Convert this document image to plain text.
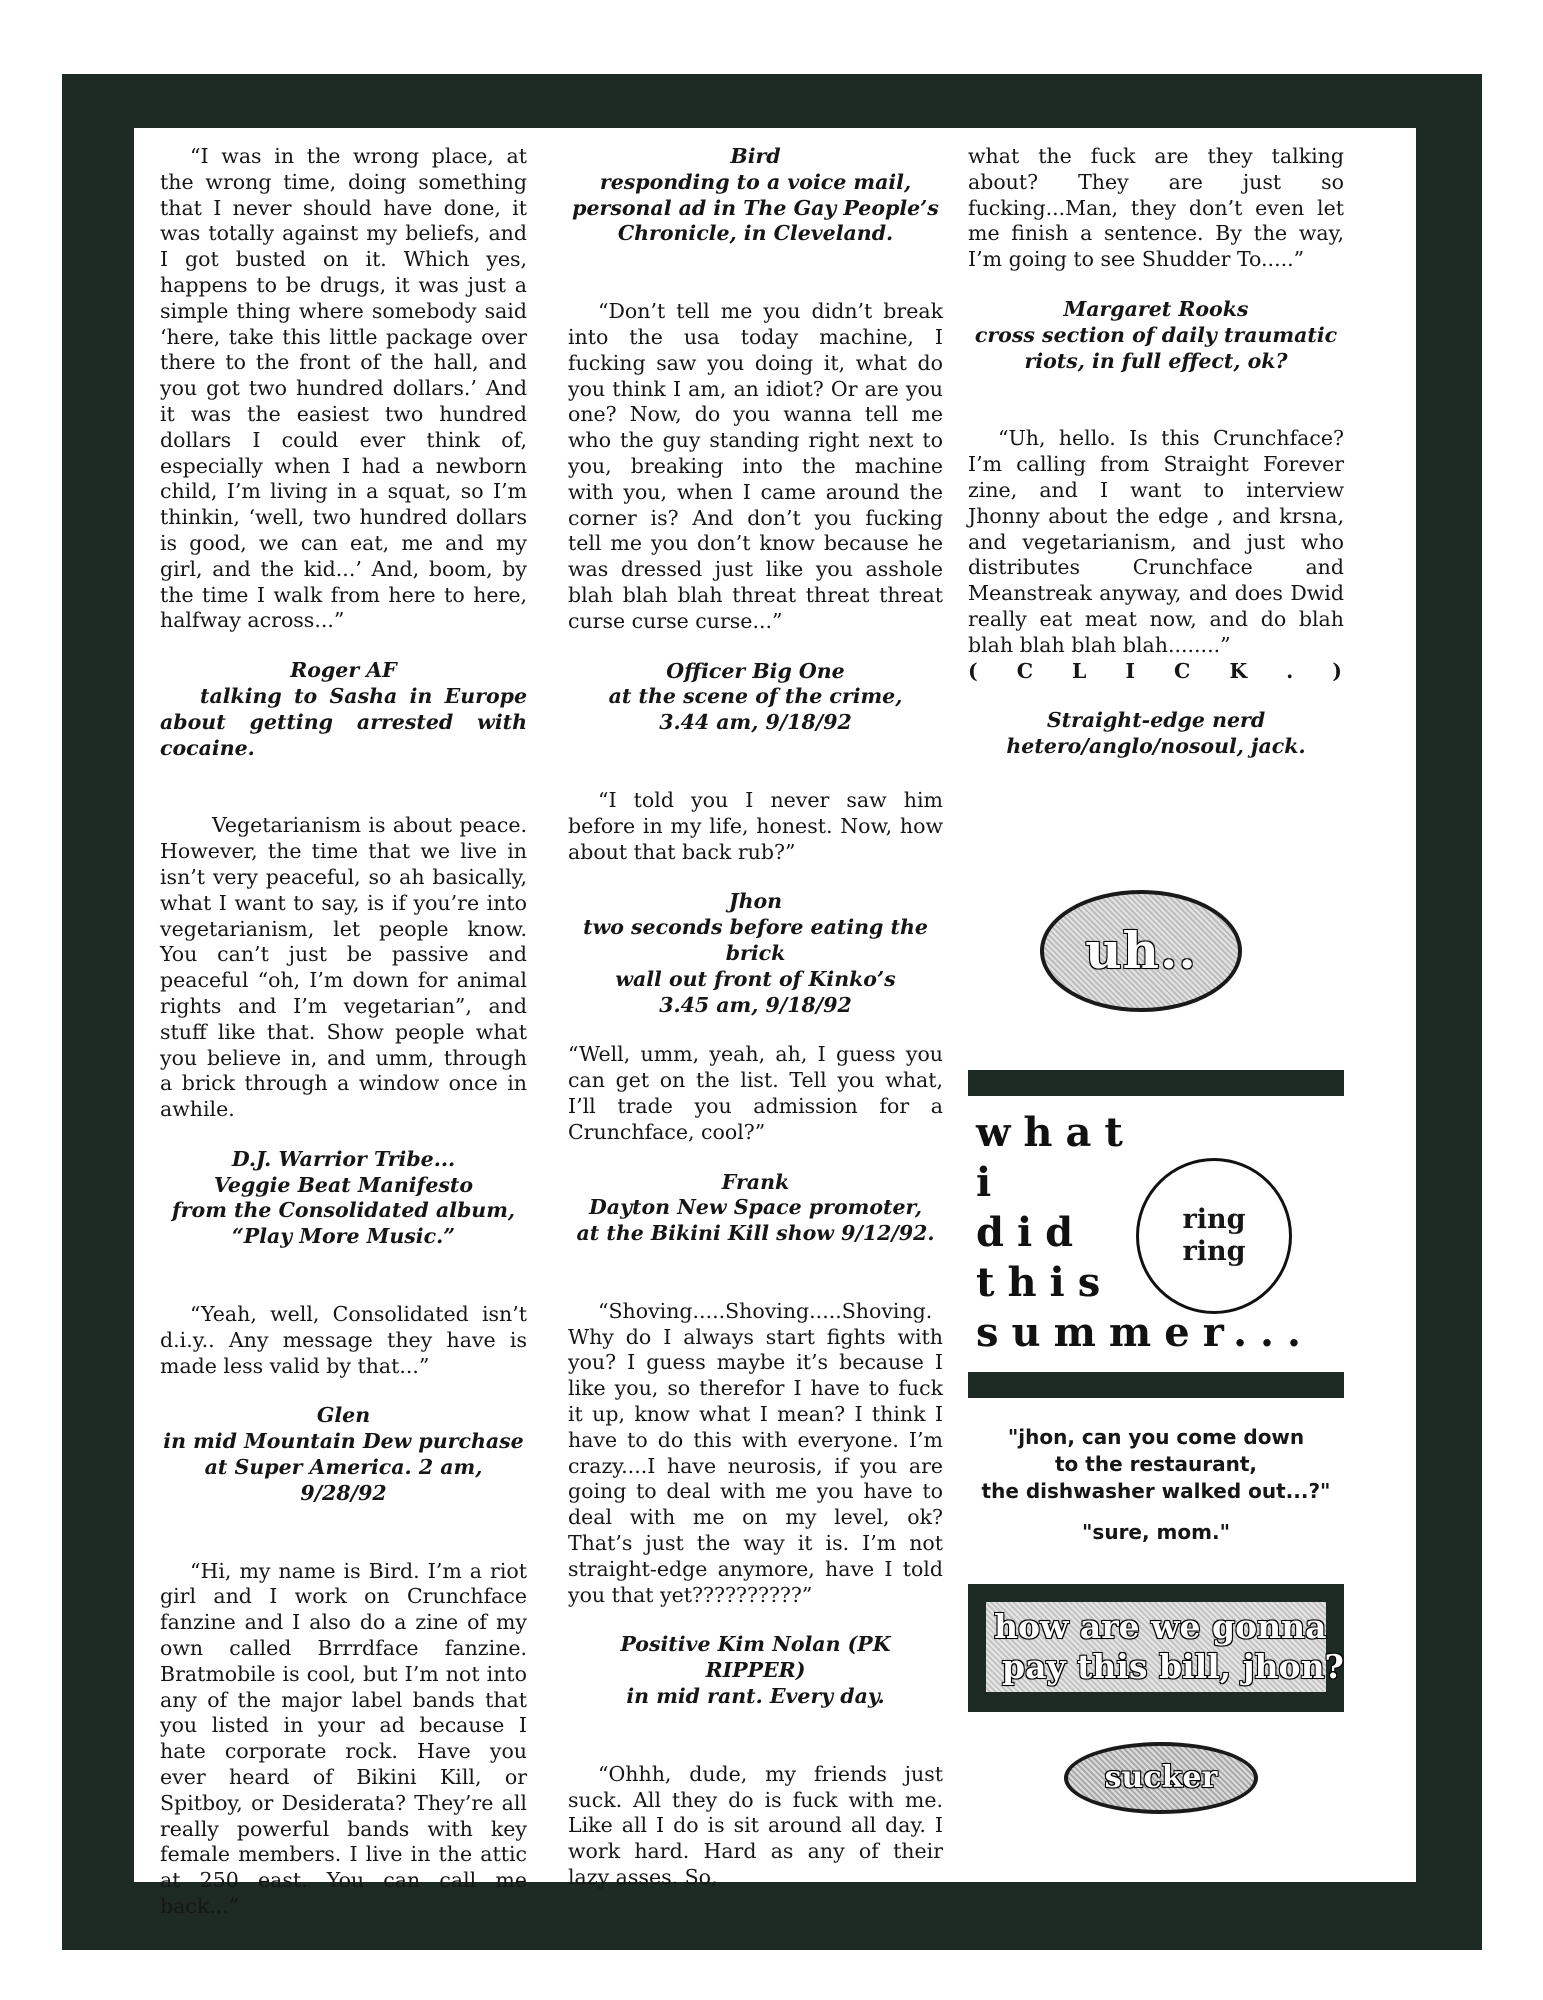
“I was in the wrong place, at the wrong time, doing something that I never should have done, it was totally against my beliefs, and I got busted on it. Which yes, happens to be drugs, it was just a simple thing where somebody said ‘here, take this little package over there to the front of the hall, and you got two hundred dollars.’ And it was the easiest two hundred dollars I could ever think of, especially when I had a newborn child, I’m living in a squat, so I’m thinkin, ‘well, two hundred dollars is good, we can eat, me and my girl, and the kid...’ And, boom, by the time I walk from here to here, halfway across...”

Roger AF

talking to Sasha in Europe about getting arrested with cocaine.

Vegetarianism is about peace. However, the time that we live in isn’t very peaceful, so ah basically, what I want to say, is if you’re into vegetarianism, let people know. You can’t just be passive and peaceful “oh, I’m down for animal rights and I’m vegetarian”, and stuff like that. Show people what you believe in, and umm, through a brick through a window once in awhile.

D.J. Warrior Tribe...

Veggie Beat Manifesto

from the Consolidated album,

“Play More Music.”

“Yeah, well, Consolidated isn’t d.i.y.. Any message they have is made less valid by that...”

Glen

in mid Mountain Dew purchase

at Super America. 2 am, 9/28/92

“Hi, my name is Bird. I’m a riot girl and I work on Crunchface fanzine and I also do a zine of my own called Brrrdface fanzine. Bratmobile is cool, but I’m not into any of the major label bands that you listed in your ad because I hate corporate rock. Have you ever heard of Bikini Kill, or Spitboy, or Desiderata? They’re all really powerful bands with key female members. I live in the attic at 250 east. You can call me back...”

Bird

responding to a voice mail,

personal ad in The Gay People’s

Chronicle, in Cleveland.

“Don’t tell me you didn’t break into the usa today machine, I fucking saw you doing it, what do you think I am, an idiot? Or are you one? Now, do you wanna tell me who the guy standing right next to you, breaking into the machine with you, when I came around the corner is? And don’t you fucking tell me you don’t know because he was dressed just like you asshole blah blah blah threat threat threat curse curse curse...”

Officer Big One

at the scene of the crime,

3.44 am, 9/18/92

“I told you I never saw him before in my life, honest. Now, how about that back rub?”

Jhon

two seconds before eating the brick

wall out front of Kinko’s

3.45 am, 9/18/92

“Well, umm, yeah, ah, I guess you can get on the list. Tell you what, I’ll trade you admission for a Crunchface, cool?”

Frank

Dayton New Space promoter,

at the Bikini Kill show 9/12/92.

“Shoving.....Shoving.....Shoving. Why do I always start fights with you? I guess maybe it’s because I like you, so therefor I have to fuck it up, know what I mean? I think I have to do this with everyone. I’m crazy....I have neurosis, if you are going to deal with me you have to deal with me on my level, ok? That’s just the way it is. I’m not straight-edge anymore, have I told you that yet??????????”

Positive Kim Nolan (PK RIPPER)

in mid rant. Every day.

“Ohhh, dude, my friends just suck. All they do is fuck with me. Like all I do is sit around all day. I work hard. Hard as any of their lazy asses. So,

what the fuck are they talking about? They are just so fucking...Man, they don’t even let me finish a sentence. By the way, I’m going to see Shudder To.....”

Margaret Rooks

cross section of daily traumatic

riots, in full effect, ok?

“Uh, hello. Is this Crunchface? I’m calling from Straight Forever zine, and I want to interview Jhonny about the edge , and krsna, and vegetarianism, and just who distributes Crunchface and Meanstreak anyway, and does Dwid really eat meat now, and do blah blah blah blah blah........”

( C L I C K . )

Straight-edge nerd

hetero/anglo/nosoul, jack.

uh..
what
i
did
this
summer...
ring
ring
"jhon, can you come down
to the restaurant,
the dishwasher walked out...?"
"sure, mom."
how are we gonna
pay this bill, jhon?
sucker
